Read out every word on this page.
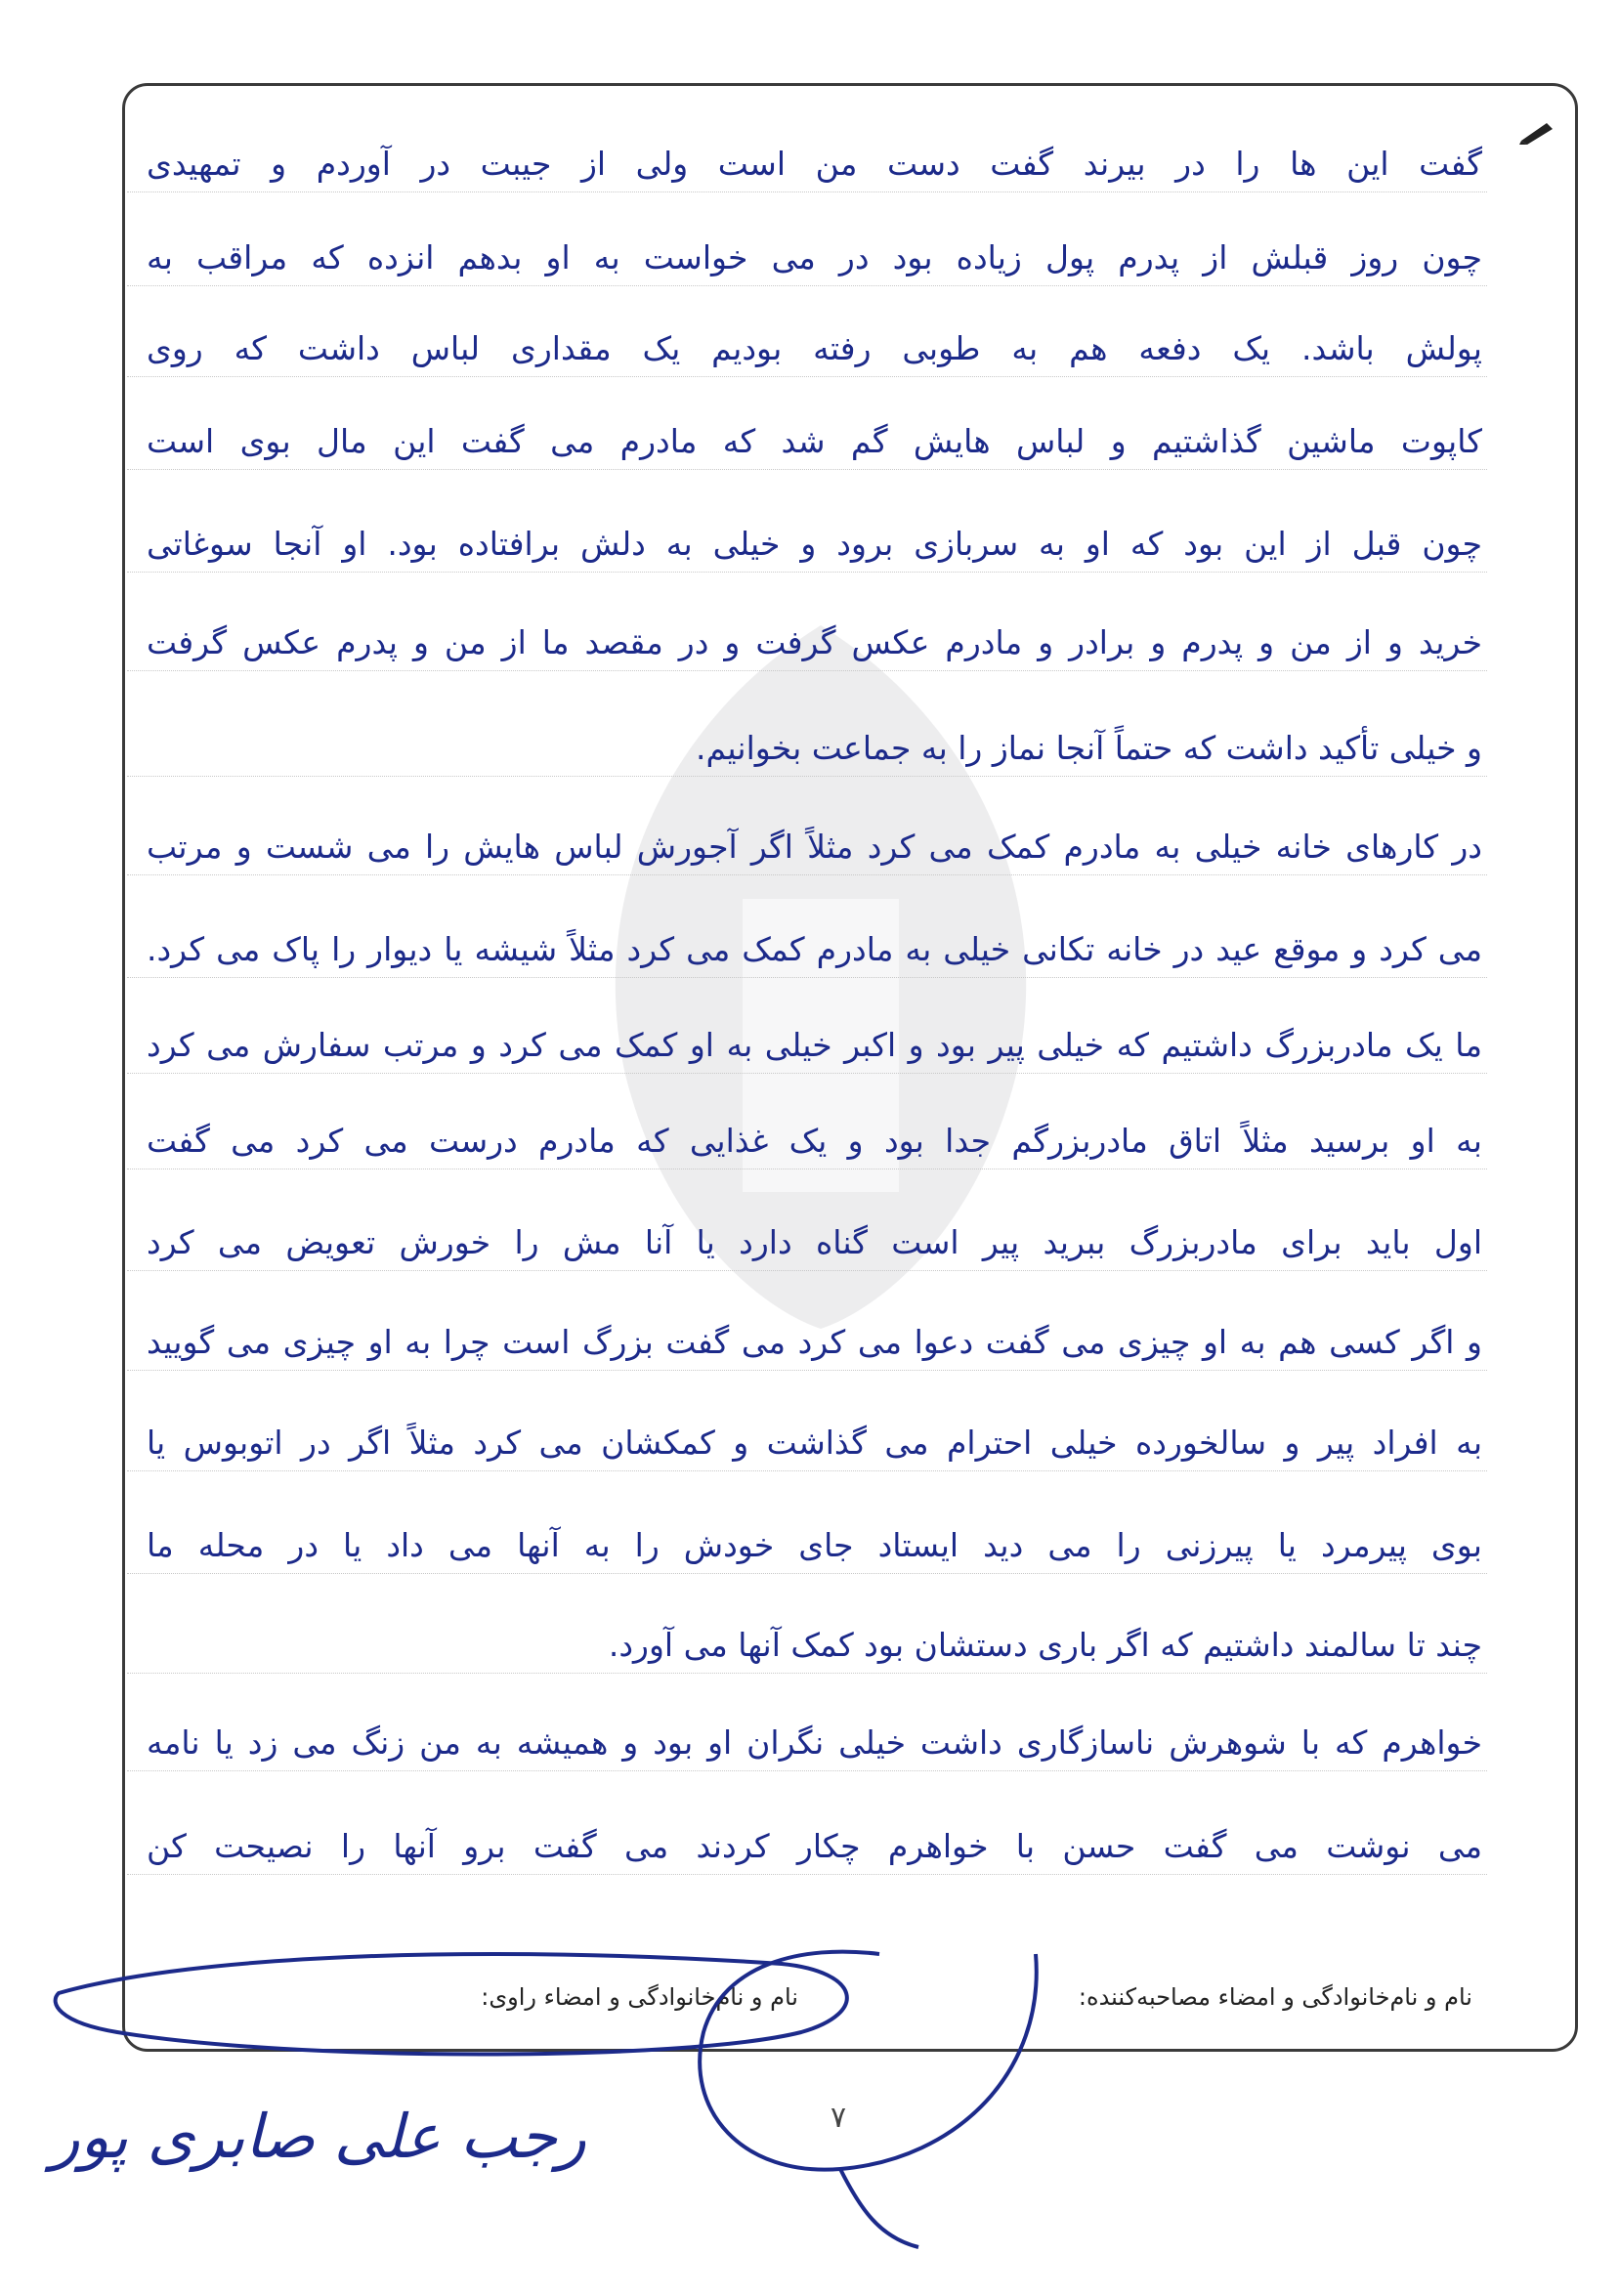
گفت این ها را در بیرند گفت دست من است ولی از جیبت در آوردم و تمهیدی
چون روز قبلش از پدرم پول زیاده بود در می خواست به او بدهم انزده که مراقب به
پولش باشد. یک دفعه هم به طوبی رفته بودیم یک مقداری لباس داشت که روی
کاپوت ماشین گذاشتیم و لباس هایش گم شد که مادرم می گفت این مال بوی است
چون قبل از این بود که او به سربازی برود و خیلی به دلش برافتاده بود. او آنجا سوغاتی
خرید و از من و پدرم و برادر و مادرم عکس گرفت و در مقصد ما از من و پدرم عکس گرفت
و خیلی تأکید داشت که حتماً آنجا نماز را به جماعت بخوانیم.
در کارهای خانه خیلی به مادرم کمک می کرد مثلاً اگر آجورش لباس هایش را می شست و مرتب
می کرد و موقع عید در خانه تکانی خیلی به مادرم کمک می کرد مثلاً شیشه یا دیوار را پاک می کرد.
ما یک مادربزرگ داشتیم که خیلی پیر بود و اکبر خیلی به او کمک می کرد و مرتب سفارش می کرد
به او برسید مثلاً اتاق مادربزرگم جدا بود و یک غذایی که مادرم درست می کرد می گفت
اول باید برای مادربزرگ ببرید پیر است گناه دارد یا آنا مش را خورش تعویض می کرد
و اگر کسی هم به او چیزی می گفت دعوا می کرد می گفت بزرگ است چرا به او چیزی می گویید
به افراد پیر و سالخورده خیلی احترام می گذاشت و کمکشان می کرد مثلاً اگر در اتوبوس یا
بوی پیرمرد یا پیرزنی را می دید ایستاد جای خودش را به آنها می داد یا در محله ما
چند تا سالمند داشتیم که اگر باری دستشان بود کمک آنها می آورد.
خواهرم که با شوهرش ناسازگاری داشت خیلی نگران او بود و همیشه به من زنگ می زد یا نامه
می نوشت می گفت حسن با خواهرم چکار کردند می گفت برو آنها را نصیحت کن
نام و نام‌خانوادگی و امضاء مصاحبه‌کننده:
نام و نام‌خانوادگی و امضاء راوی:
۷
رجب علی صابری پور
